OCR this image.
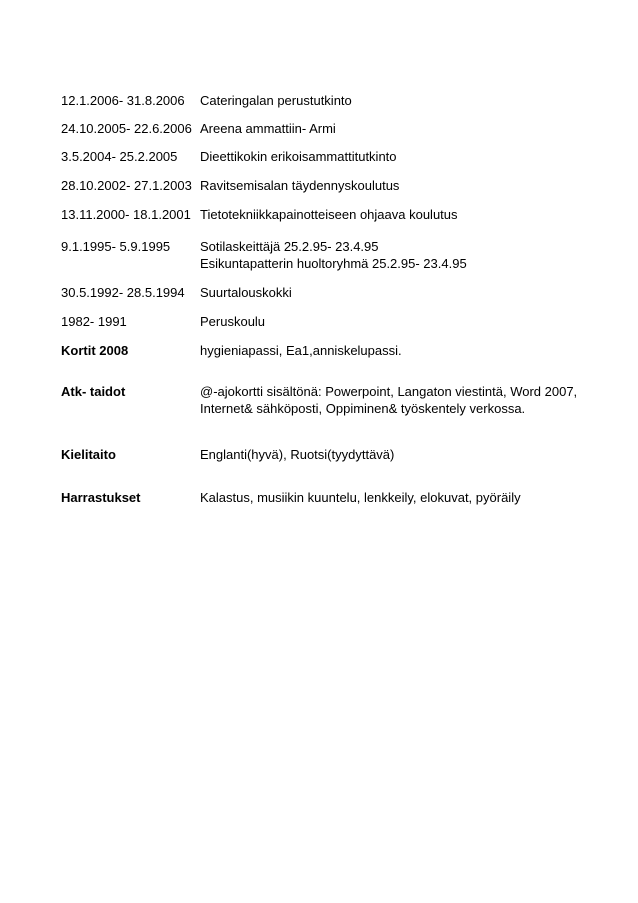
12.1.2006- 31.8.2006	Cateringalan perustutkinto
24.10.2005- 22.6.2006 Areena ammattiin- Armi
3.5.2004- 25.2.2005	Dieettikokin erikoisammattitutkinto
28.10.2002- 27.1.2003 Ravitsemisalan täydennyskoulutus
13.11.2000- 18.1.2001 Tietotekniikkapainotteiseen ohjaava koulutus
9.1.1995- 5.9.1995	Sotilaskeittäjä 25.2.95- 23.4.95
Esikuntapatterin huoltoryhmä 25.2.95- 23.4.95
30.5.1992- 28.5.1994	Suurtalouskokki
1982- 1991	Peruskoulu
Kortit 2008	hygieniapassi, Ea1,anniskelupassi.
Atk- taidot	@-ajokortti sisältönä: Powerpoint, Langaton viestintä, Word 2007,
Internet& sähköposti, Oppiminen& työskentely verkossa.
Kielitaito	Englanti(hyvä), Ruotsi(tyydyttävä)
Harrastukset	Kalastus, musiikin kuuntelu, lenkkeily, elokuvat, pyöräily
